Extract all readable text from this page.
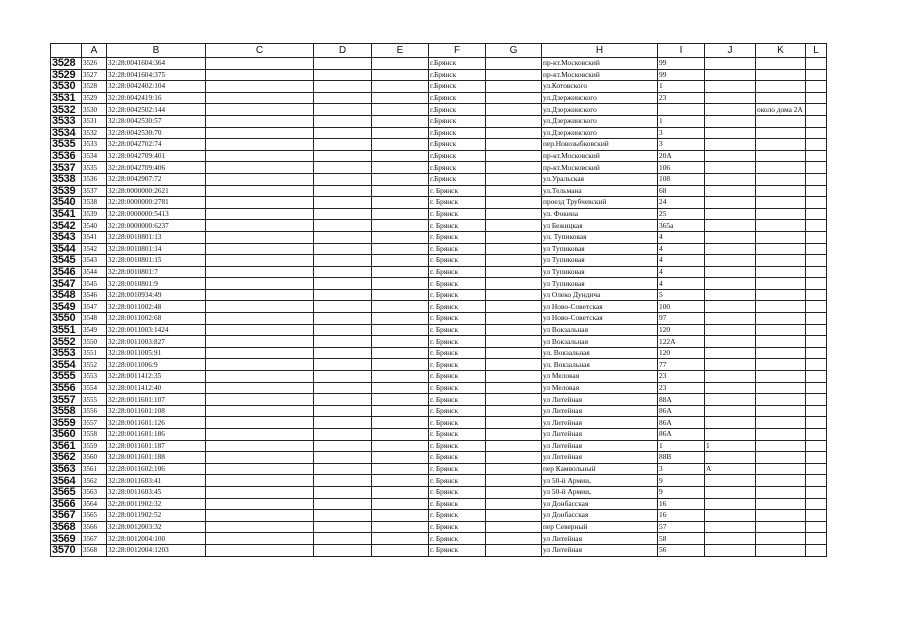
	A	B	C	D	E	F	G	H	I	J	K	L
3528	3526	32:28:0041604:364				г.Брянск		пр-кт.Московский	99			
3529	3527	32:28:0041604:375				г.Брянск		пр-кт.Московский	99			
3530	3528	32:28:0042402:104				г.Брянск		ул.Котовского	1			
3531	3529	32:28:0042419:16				г.Брянск		ул.Дзержинского	23			
3532	3530	32:28:0042502:144				г.Брянск		ул.Дзержинского			около дома 2А	
3533	3531	32:28:0042530:57				г.Брянск		ул.Дзержинского	1			
3534	3532	32:28:0042530:70				г.Брянск		ул.Дзержинского	3			
3535	3533	32:28:0042702:74				г.Брянск		пер.Новозыбковский	3			
3536	3534	32:28:0042709:401				г.Брянск		пр-кт.Московский	20А			
3537	3535	32:28:0042709:406				г.Брянск		пр-кт.Московский	106			
3538	3536	32:28:0042907:72				г.Брянск		ул.Уральская	108			
3539	3537	32:28:0000000:2621				г. Брянск		ул.Тельмана	68			
3540	3538	32:28:0000000:2781				г. Брянск		проезд Трубчевский	24			
3541	3539	32:28:0000000:5413				г. Брянск		ул. Фокина	25			
3542	3540	32:28:0000000:6237				г. Брянск		ул Бежицкая	365а			
3543	3541	32:28:0010801:13				г. Брянск		ул. Тупиковая	4			
3544	3542	32:28:0010801:14				г. Брянск		ул Тупиковая	4			
3545	3543	32:28:0010801:15				г. Брянск		ул Тупиковая	4			
3546	3544	32:28:0010801:7				г. Брянск		ул Тупиковая	4			
3547	3545	32:28:0010801:9				г. Брянск		ул Тупиковая	4			
3548	3546	32:28:0010934:49				г. Брянск		ул Олеко Дундича	5			
3549	3547	32:28:0011002:48				г. Брянск		ул Ново-Советская	100			
3550	3548	32:28:0011002:68				г. Брянск		ул Ново-Советская	97			
3551	3549	32:28:0011003:1424				г. Брянск		ул Вокзальная	120			
3552	3550	32:28:0011003:827				г. Брянск		ул Вокзальная	122А			
3553	3551	32:28:0011005:91				г. Брянск		ул. Вокзальная	120			
3554	3552	32:28:0011006:9				г. Брянск		ул. Вокзальная	77			
3555	3553	32:28:0011412:35				г. Брянск		ул Меловая	23			
3556	3554	32:28:0011412:40				г. Брянск		ул Меловая	23			
3557	3555	32:28:0011601:107				г. Брянск		ул Литейная	88А			
3558	3556	32:28:0011601:108				г. Брянск		ул Литейная	86А			
3559	3557	32:28:0011601:126				г. Брянск		ул Литейная	86А			
3560	3558	32:28:0011601:186				г. Брянск		ул Литейная	86А			
3561	3559	32:28:0011601:187				г. Брянск		ул Литейная	1	1		
3562	3560	32:28:0011601:188				г. Брянск		ул Литейная	88В			
3563	3561	32:28:0011602:106				г. Брянск		пер Камвольный	3	А		
3564	3562	32:28:0011603:41				г. Брянск		ул 50-й Армии,	9			
3565	3563	32:28:0011603:45				г. Брянск		ул 50-й Армии,	9			
3566	3564	32:28:0011902:32				г. Брянск		ул Донбасская	16			
3567	3565	32:28:0011902:52				г. Брянск		ул Донбасская	16			
3568	3566	32:28:0012003:32				г. Брянск		пер Северный	57			
3569	3567	32:28:0012004:100				г. Брянск		ул Литейная	58			
3570	3568	32:28:0012004:1203				г. Брянск		ул Литейная	56			
